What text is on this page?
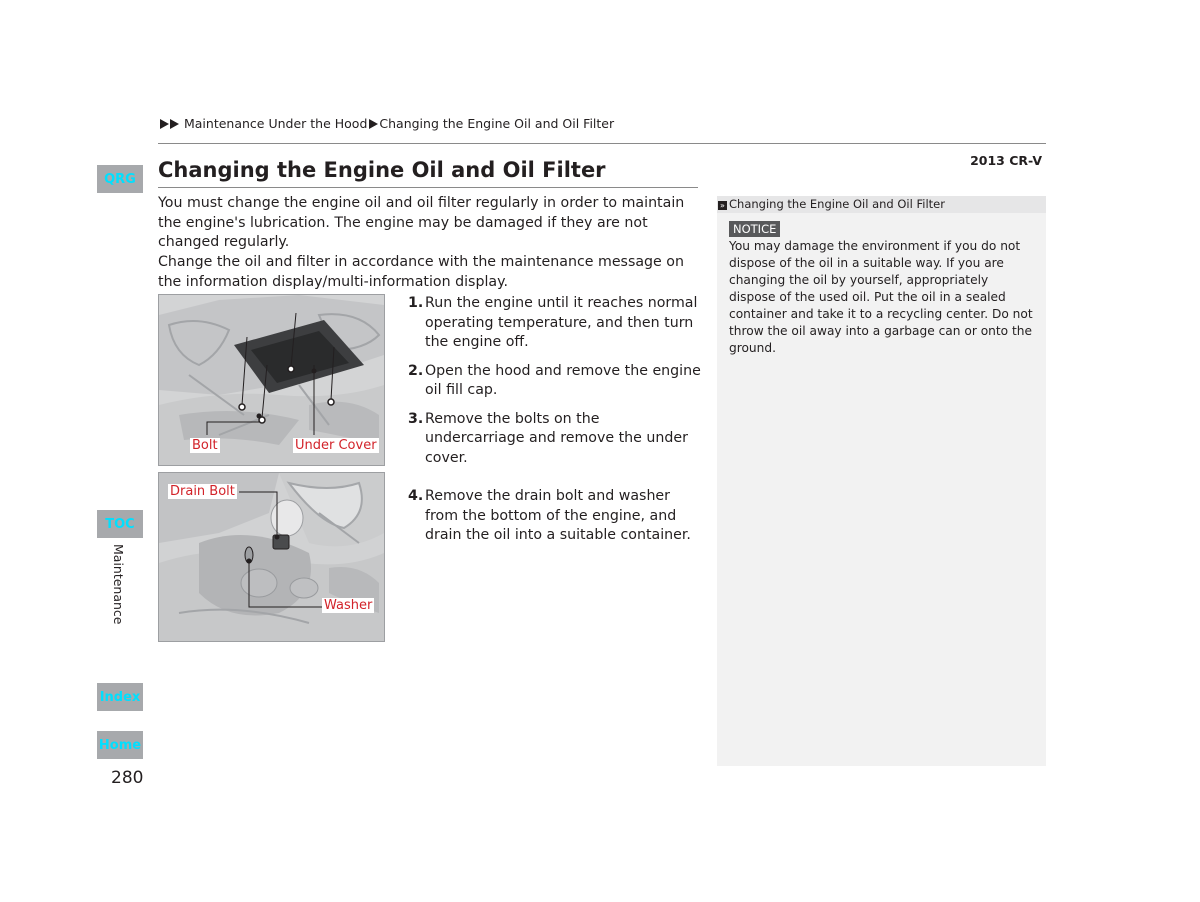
Maintenance Under the Hood Changing the Engine Oil and Oil Filter
2013 CR-V
QRG
TOC
Maintenance
Index
Home
280
Changing the Engine Oil and Oil Filter
You must change the engine oil and oil filter regularly in order to maintain the engine's lubrication. The engine may be damaged if they are not changed regularly.
Change the oil and filter in accordance with the maintenance message on the information display/multi-information display.
Bolt	Under Cover
Drain Bolt
Washer
1. Run the engine until it reaches normal operating temperature, and then turn the engine off.
2. Open the hood and remove the engine oil fill cap.
3. Remove the bolts on the undercarriage and remove the under cover.
4. Remove the drain bolt and washer from the bottom of the engine, and drain the oil into a suitable container.
» Changing the Engine Oil and Oil Filter
NOTICE
You may damage the environment if you do not dispose of the oil in a suitable way. If you are changing the oil by yourself, appropriately dispose of the used oil. Put the oil in a sealed container and take it to a recycling center. Do not throw the oil away into a garbage can or onto the ground.
